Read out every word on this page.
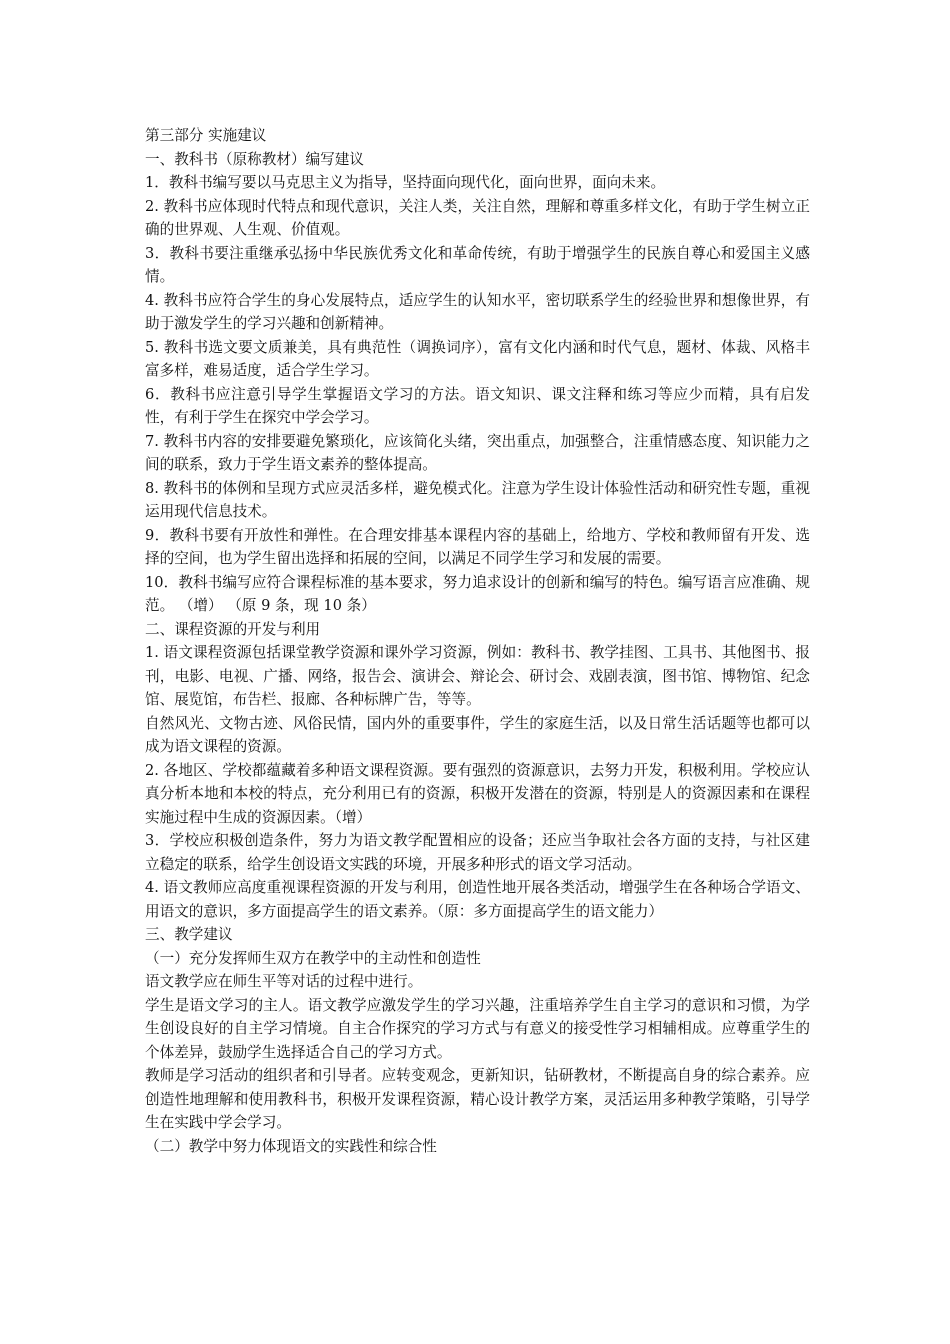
第三部分 实施建议

一、教科书（原称教材）编写建议

1．教科书编写要以马克思主义为指导，坚持面向现代化，面向世界，面向未来。

2. 教科书应体现时代特点和现代意识，关注人类，关注自然，理解和尊重多样文化，有助于学生树立正确的世界观、人生观、价值观。

3．教科书要注重继承弘扬中华民族优秀文化和革命传统，有助于增强学生的民族自尊心和爱国主义感情。

4. 教科书应符合学生的身心发展特点，适应学生的认知水平，密切联系学生的经验世界和想像世界，有助于激发学生的学习兴趣和创新精神。

5. 教科书选文要文质兼美，具有典范性（调换词序），富有文化内涵和时代气息，题材、体裁、风格丰富多样，难易适度，适合学生学习。

6．教科书应注意引导学生掌握语文学习的方法。语文知识、课文注释和练习等应少而精，具有启发性，有利于学生在探究中学会学习。

7. 教科书内容的安排要避免繁琐化，应该简化头绪，突出重点，加强整合，注重情感态度、知识能力之间的联系，致力于学生语文素养的整体提高。

8. 教科书的体例和呈现方式应灵活多样，避免模式化。注意为学生设计体验性活动和研究性专题，重视运用现代信息技术。

9．教科书要有开放性和弹性。在合理安排基本课程内容的基础上，给地方、学校和教师留有开发、选择的空间，也为学生留出选择和拓展的空间，以满足不同学生学习和发展的需要。

10．教科书编写应符合课程标准的基本要求，努力追求设计的创新和编写的特色。编写语言应准确、规范。 （增） （原 9 条，现 10 条）

二、课程资源的开发与利用

1. 语文课程资源包括课堂教学资源和课外学习资源，例如：教科书、教学挂图、工具书、其他图书、报刊，电影、电视、广播、网络，报告会、演讲会、辩论会、研讨会、戏剧表演，图书馆、博物馆、纪念馆、展览馆，布告栏、报廊、各种标牌广告，等等。

自然风光、文物古迹、风俗民情，国内外的重要事件，学生的家庭生活，以及日常生活话题等也都可以成为语文课程的资源。

2. 各地区、学校都蕴藏着多种语文课程资源。要有强烈的资源意识，去努力开发，积极利用。学校应认真分析本地和本校的特点，充分利用已有的资源，积极开发潜在的资源，特别是人的资源因素和在课程实施过程中生成的资源因素。（增）

3．学校应积极创造条件，努力为语文教学配置相应的设备；还应当争取社会各方面的支持，与社区建立稳定的联系，给学生创设语文实践的环境，开展多种形式的语文学习活动。

4. 语文教师应高度重视课程资源的开发与利用，创造性地开展各类活动，增强学生在各种场合学语文、用语文的意识，多方面提高学生的语文素养。（原：多方面提高学生的语文能力）

三、教学建议

（一）充分发挥师生双方在教学中的主动性和创造性

语文教学应在师生平等对话的过程中进行。

学生是语文学习的主人。语文教学应激发学生的学习兴趣，注重培养学生自主学习的意识和习惯，为学生创设良好的自主学习情境。自主合作探究的学习方式与有意义的接受性学习相辅相成。应尊重学生的个体差异，鼓励学生选择适合自己的学习方式。

教师是学习活动的组织者和引导者。应转变观念，更新知识，钻研教材，不断提高自身的综合素养。应创造性地理解和使用教科书，积极开发课程资源，精心设计教学方案，灵活运用多种教学策略，引导学生在实践中学会学习。

（二）教学中努力体现语文的实践性和综合性
